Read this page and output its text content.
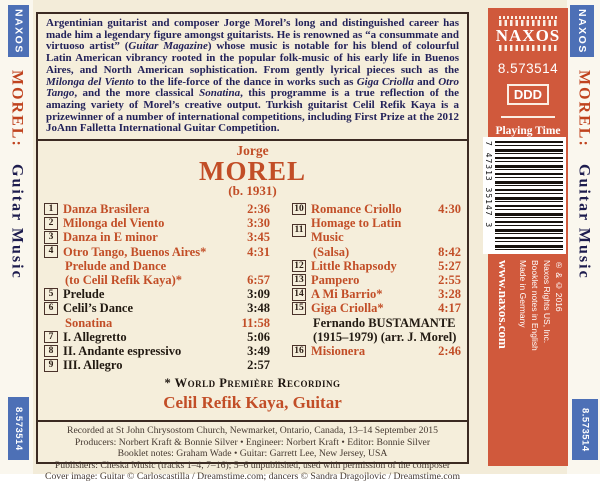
NAXOS
MOREL:Guitar Music
8.573514
NAXOS
MOREL:Guitar Music
8.573514

Argentinian guitarist and composer Jorge Morel’s long and distinguished career has made him a legendary figure amongst guitarists. He is renowned as “a consummate and virtuoso artist” (Guitar Magazine) whose music is notable for his blend of colourful Latin American vibrancy rooted in the popular folk-music of his early life in Buenos Aires, and North American sophistication. From gently lyrical pieces such as the Milonga del Viento to the life-force of the dance in works such as Giga Criolla and Otro Tango, and the more classical Sonatina, this programme is a true reflection of the amazing variety of Morel’s creative output. Turkish guitarist Celil Refik Kaya is a prizewinner of a number of international competitions, including First Prize at the 2012 JoAnn Falletta International Guitar Competition.

Jorge
MOREL
(b. 1931)
1 Danza Brasilera	2:36
2 Milonga del Viento	3:30
3 Danza in E minor	3:45
4 Otro Tango, Buenos Aires*	4:31
Prelude and Dance
(to Celil Refik Kaya)*	6:57
5 Prelude	3:09
6 Celil’s Dance	3:48
Sonatina	11:58
7 I. Allegretto	5:06
8 II. Andante espressivo	3:49
9 III. Allegro	2:57
10 Romance Criollo	4:30
11 Homage to Latin Music
(Salsa)	8:42
12 Little Rhapsody	5:27
13 Pampero	2:55
14 A Mi Barrio*	3:28
15 Giga Criolla*	4:17
Fernando BUSTAMANTE
(1915–1979) (arr. J. Morel)
16 Misionera	2:46
* World Première Recording
Celil Refik Kaya, Guitar
Recorded at St John Chrysostom Church, Newmarket, Ontario, Canada, 13–14 September 2015
Producers: Norbert Kraft & Bonnie Silver • Engineer: Norbert Kraft • Editor: Bonnie Silver
Booklet notes: Graham Wade • Guitar: Garrett Lee, New Jersey, USA
Publishers: Cheska Music (tracks 1–4, 7–16); 5–6 unpublished, used with permission of the composer
Cover image: Guitar © Carloscastilla / Dreamstime.com; dancers © Sandra Dragojlovic / Dreamstime.com
NAXOS
8.573514
DDD
Playing Time
7 47313 35147 3
℗ & © 2016
Naxos Rights US, Inc.
Booklet notes in English
Made in Germany
www.naxos.com
